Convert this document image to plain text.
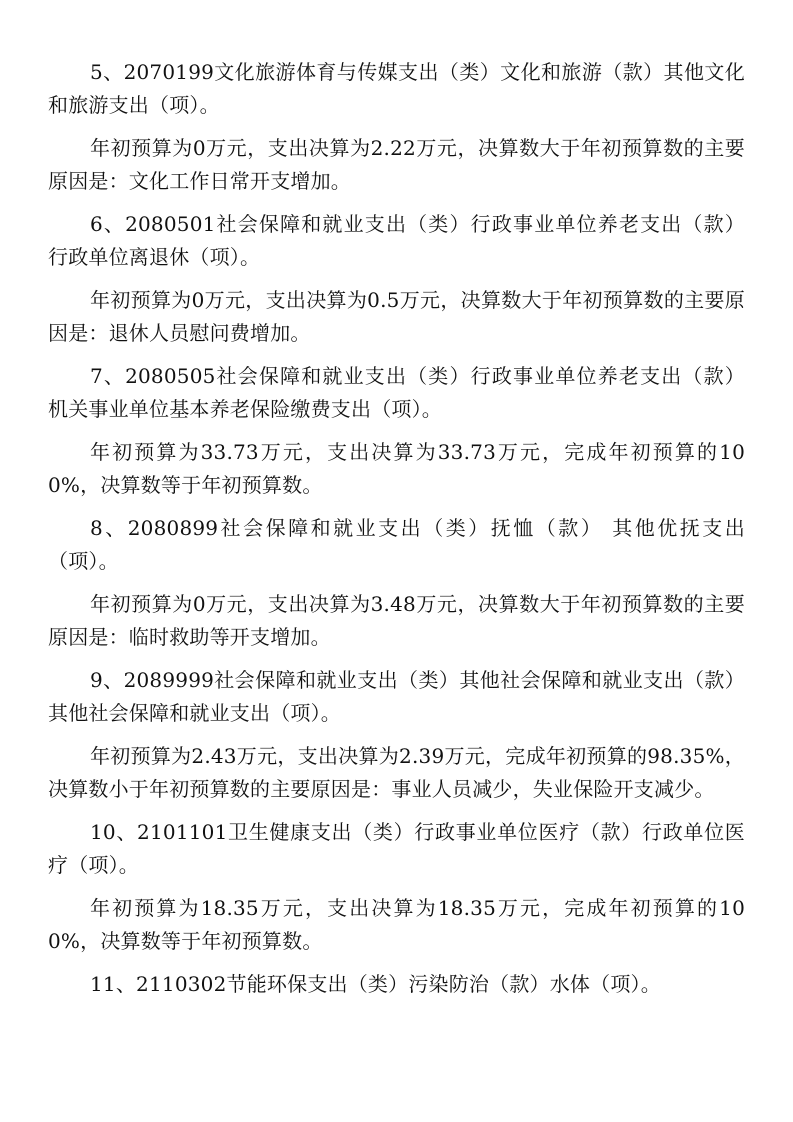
5、2070199文化旅游体育与传媒支出（类）文化和旅游（款）其他文化和旅游支出（项）。

年初预算为0万元，支出决算为2.22万元，决算数大于年初预算数的主要原因是：文化工作日常开支增加。

6、2080501社会保障和就业支出（类）行政事业单位养老支出（款） 行政单位离退休（项）。

年初预算为0万元，支出决算为0.5万元，决算数大于年初预算数的主要原因是：退休人员慰问费增加。

7、2080505社会保障和就业支出（类）行政事业单位养老支出（款） 机关事业单位基本养老保险缴费支出（项）。

年初预算为33.73万元，支出决算为33.73万元，完成年初预算的100%，决算数等于年初预算数。

8、2080899社会保障和就业支出（类）抚恤（款） 其他优抚支出（项）。

年初预算为0万元，支出决算为3.48万元，决算数大于年初预算数的主要原因是：临时救助等开支增加。

9、2089999社会保障和就业支出（类）其他社会保障和就业支出（款）其他社会保障和就业支出（项）。

年初预算为2.43万元，支出决算为2.39万元，完成年初预算的98.35%，决算数小于年初预算数的主要原因是：事业人员减少，失业保险开支减少。

10、2101101卫生健康支出（类）行政事业单位医疗（款）行政单位医疗（项）。

年初预算为18.35万元，支出决算为18.35万元，完成年初预算的100%，决算数等于年初预算数。

11、2110302节能环保支出（类）污染防治（款）水体（项）。
